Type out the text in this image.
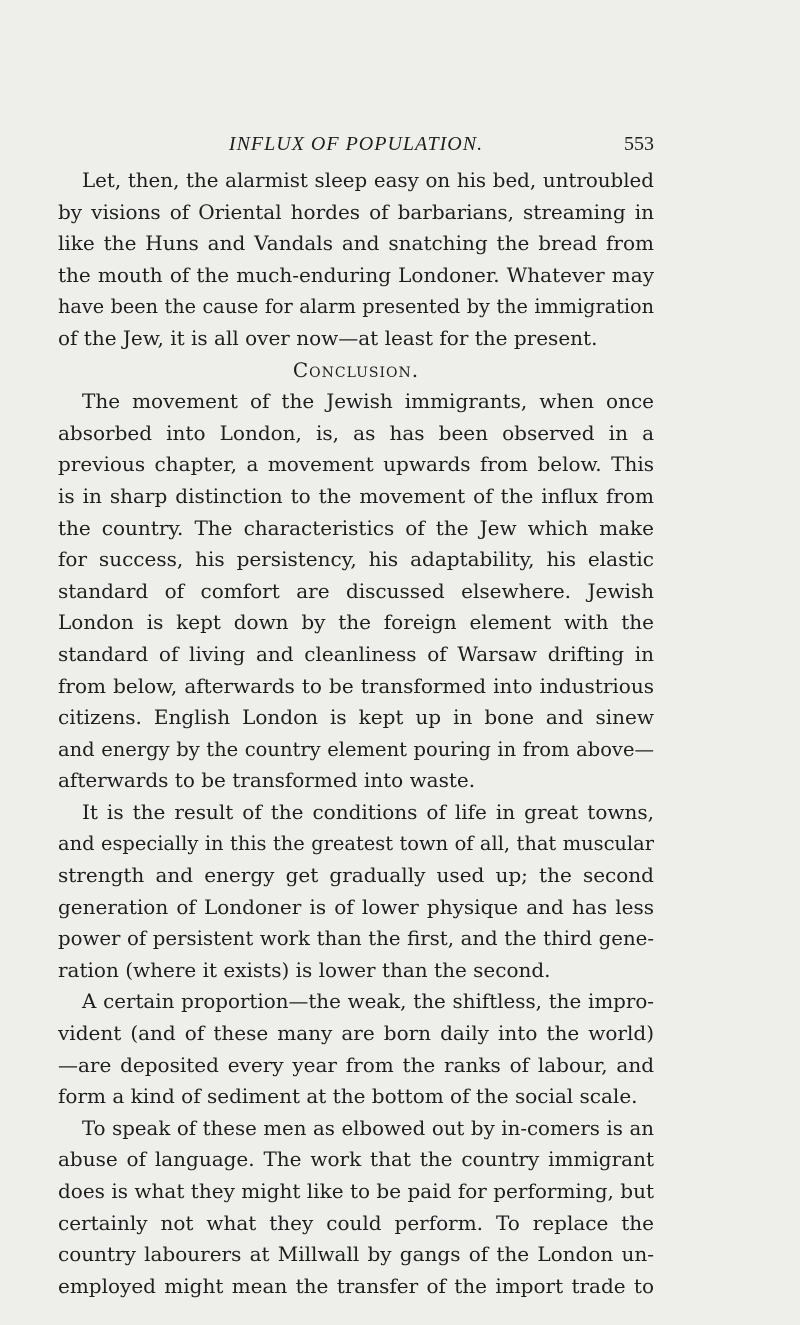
INFLUX OF POPULATION.	553
Let, then, the alarmist sleep easy on his bed, untroubled
by visions of Oriental hordes of barbarians, streaming in
like the Huns and Vandals and snatching the bread from
the mouth of the much-enduring Londoner. Whatever may
have been the cause for alarm presented by the immigration
of the Jew, it is all over now—at least for the present.
Conclusion.
The movement of the Jewish immigrants, when once
absorbed into London, is, as has been observed in a
previous chapter, a movement upwards from below. This
is in sharp distinction to the movement of the influx from
the country. The characteristics of the Jew which make
for success, his persistency, his adaptability, his elastic
standard of comfort are discussed elsewhere. Jewish
London is kept down by the foreign element with the
standard of living and cleanliness of Warsaw drifting in
from below, afterwards to be transformed into industrious
citizens. English London is kept up in bone and sinew
and energy by the country element pouring in from above—
afterwards to be transformed into waste.
It is the result of the conditions of life in great towns,
and especially in this the greatest town of all, that muscular
strength and energy get gradually used up; the second
generation of Londoner is of lower physique and has less
power of persistent work than the first, and the third gene-
ration (where it exists) is lower than the second.
A certain proportion—the weak, the shiftless, the impro-
vident (and of these many are born daily into the world)
—are deposited every year from the ranks of labour, and
form a kind of sediment at the bottom of the social scale.
To speak of these men as elbowed out by in-comers is an
abuse of language. The work that the country immigrant
does is what they might like to be paid for performing, but
certainly not what they could perform. To replace the
country labourers at Millwall by gangs of the London un-
employed might mean the transfer of the import trade to
